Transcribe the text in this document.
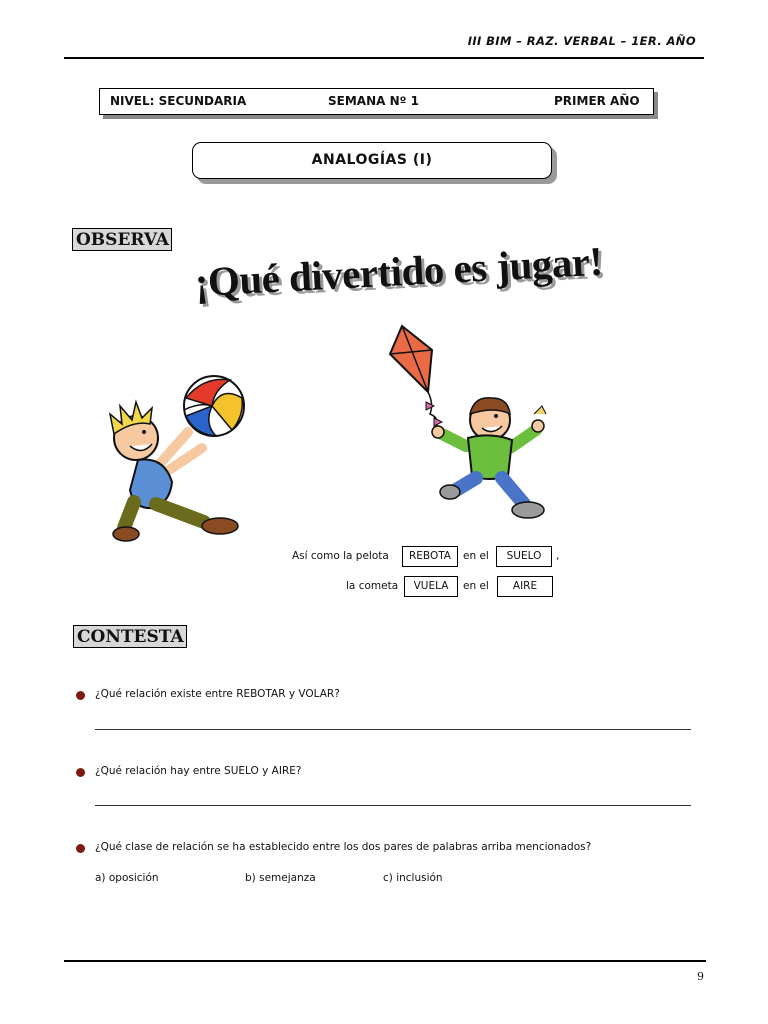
III BIM – RAZ. VERBAL – 1ER. AÑO
NIVEL: SECUNDARIA	SEMANA Nº 1	PRIMER AÑO
ANALOGÍAS (I)
OBSERVA ¡Qué divertido es jugar!
Así como la pelota	REBOTA	en el	SUELO	,
la cometa	VUELA	en el	AIRE
CONTESTA
¿Qué relación existe entre REBOTAR y VOLAR?
¿Qué relación hay entre SUELO y AIRE?
¿Qué clase de relación se ha establecido entre los dos pares de palabras arriba mencionados?
a) oposición	b) semejanza	c) inclusión
9
